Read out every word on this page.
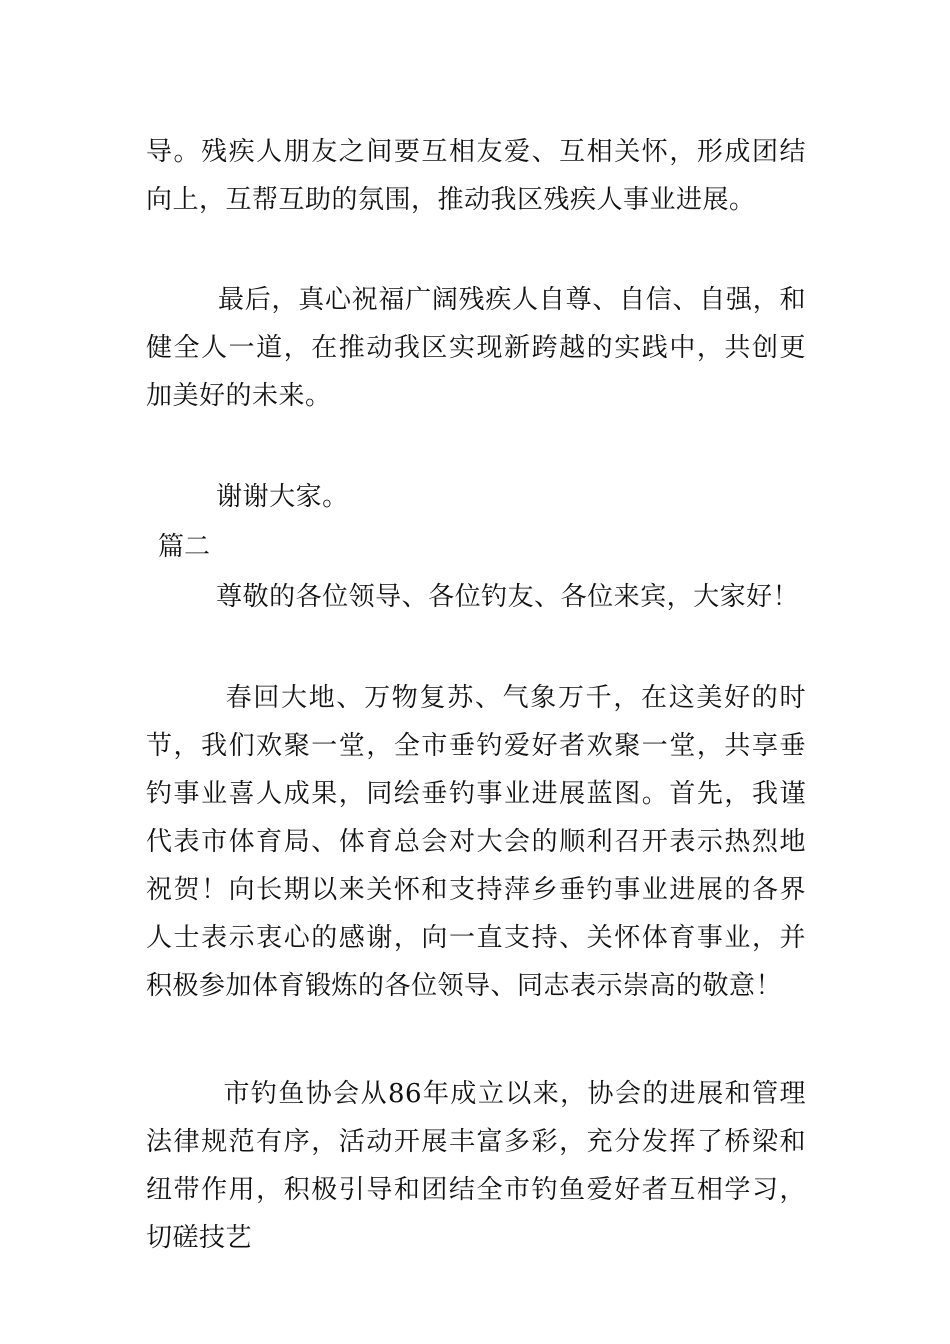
导。残疾人朋友之间要互相友爱、互相关怀，形成团结向上，互帮互助的氛围，推动我区残疾人事业进展。

最后，真心祝福广阔残疾人自尊、自信、自强，和健全人一道，在推动我区实现新跨越的实践中，共创更加美好的未来。

谢谢大家。

篇二

尊敬的各位领导、各位钓友、各位来宾，大家好！

春回大地、万物复苏、气象万千，在这美好的时节，我们欢聚一堂，全市垂钓爱好者欢聚一堂，共享垂钓事业喜人成果，同绘垂钓事业进展蓝图。首先，我谨代表市体育局、体育总会对大会的顺利召开表示热烈地祝贺！向长期以来关怀和支持萍乡垂钓事业进展的各界人士表示衷心的感谢，向一直支持、关怀体育事业，并积极参加体育锻炼的各位领导、同志表示崇高的敬意！

市钓鱼协会从86年成立以来，协会的进展和管理法律规范有序，活动开展丰富多彩，充分发挥了桥梁和纽带作用，积极引导和团结全市钓鱼爱好者互相学习，切磋技艺
